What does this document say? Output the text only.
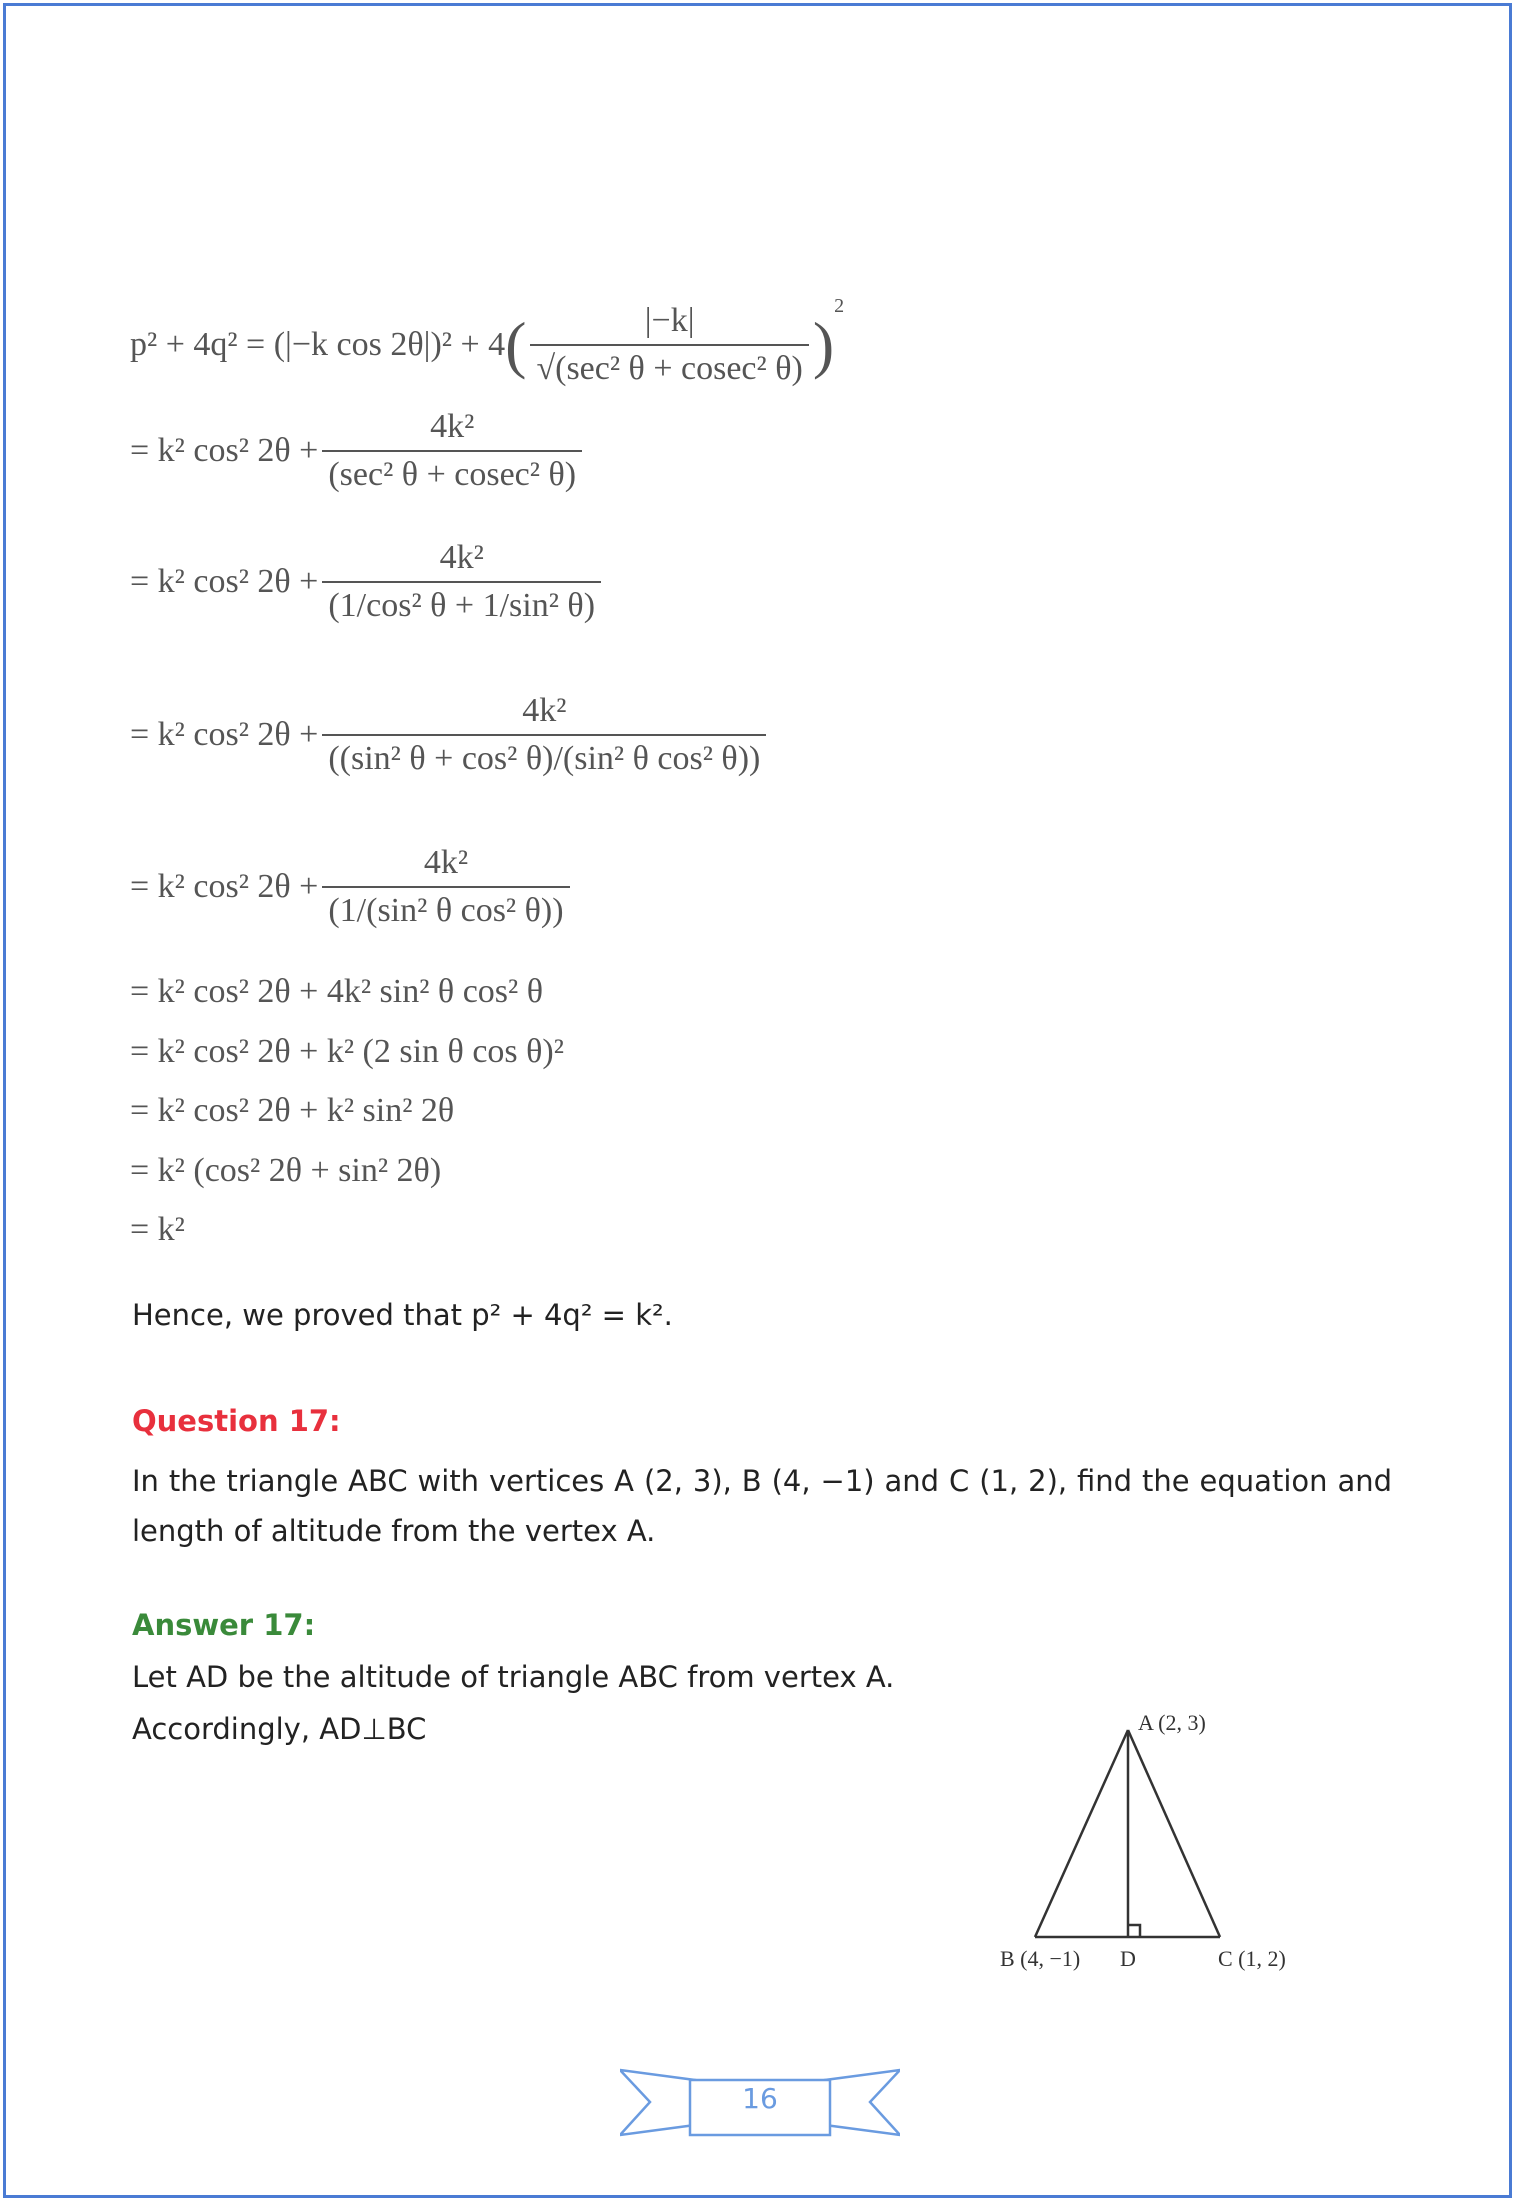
p² + 4q² = (|−k cos 2θ|)² + 4 ( $\frac{|-k|}{\text{√(sec² θ + cosec² θ)}}$ )
2
= k² cos² $2\theta + \frac{\text{4k²}}{\text{(sec² θ + cosec² θ)}}$
= k² cos² $2\theta + \frac{\text{4k²}}{\text{(1/cos² θ + 1/sin² θ)}}$
= k² cos² $2\theta + \frac{\text{4k²}}{\text{((sin² θ + cos² θ)/(sin² θ cos² θ))}}$
= k² cos² $2\theta + \frac{\text{4k²}}{\text{(1/(sin² θ cos² θ))}}$
= k² cos² 2θ + 4k² sin² θ cos² θ
= k² cos² 2θ + k² (2 sin θ cos θ)²
= k² cos² 2θ + k² sin² 2θ
= k² (cos² 2θ + sin² 2θ)
= k²
Hence, we proved that p² + 4q² = k².
Question 17:
In the triangle ABC with vertices A (2, 3), B (4, −1) and C (1, 2), find the equation and length of altitude from the vertex A.
Answer 17:
Let AD be the altitude of triangle ABC from vertex A.
Accordingly, AD⊥BC	A (2, 3)
B (4, −1) D	C (1, 2)
16
